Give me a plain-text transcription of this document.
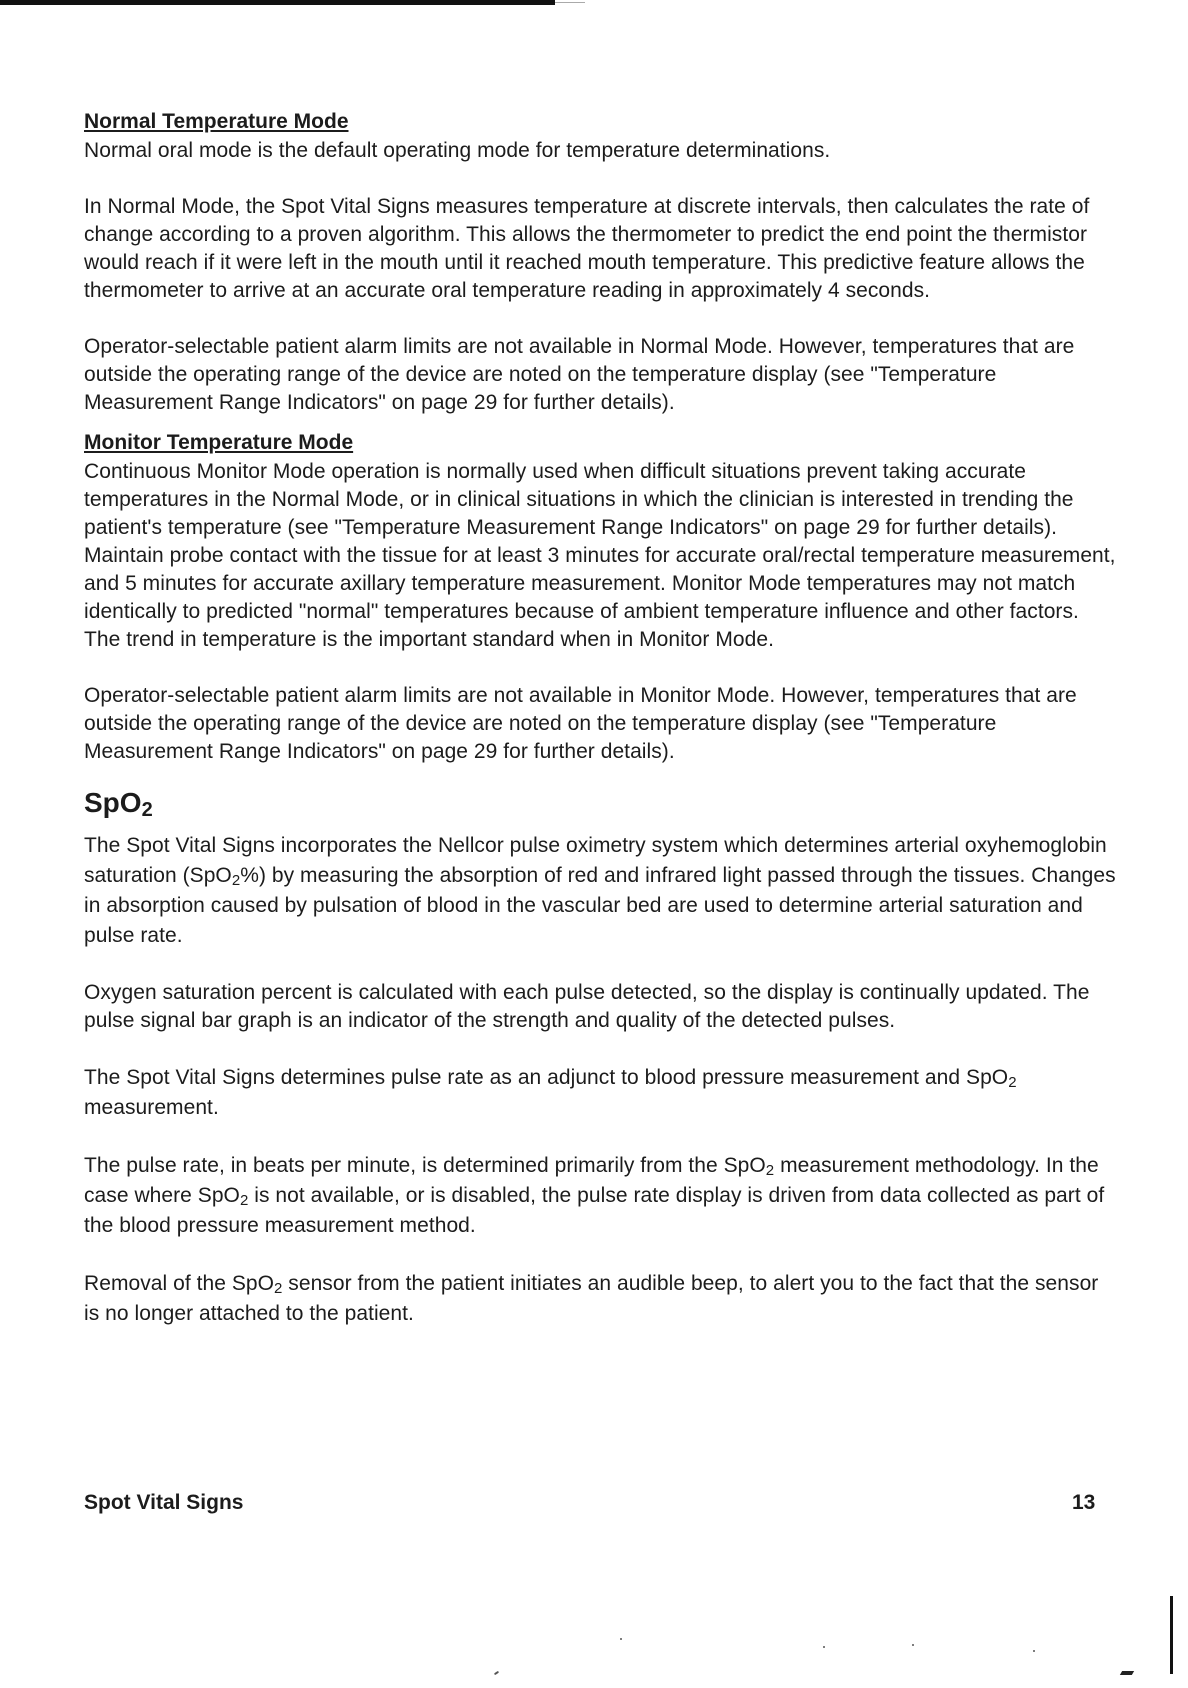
Normal Temperature Mode

Normal oral mode is the default operating mode for temperature determinations.

In Normal Mode, the Spot Vital Signs measures temperature at discrete intervals, then calculates the rate of change according to a proven algorithm. This allows the thermometer to predict the end point the thermistor would reach if it were left in the mouth until it reached mouth temperature. This predictive feature allows the thermometer to arrive at an accurate oral temperature reading in approximately 4 seconds.

Operator-selectable patient alarm limits are not available in Normal Mode. However, temperatures that are outside the operating range of the device are noted on the temperature display (see "Temperature Measurement Range Indicators" on page 29 for further details).

Monitor Temperature Mode

Continuous Monitor Mode operation is normally used when difficult situations prevent taking accurate temperatures in the Normal Mode, or in clinical situations in which the clinician is interested in trending the patient's temperature (see "Temperature Measurement Range Indicators" on page 29 for further details). Maintain probe contact with the tissue for at least 3 minutes for accurate oral/rectal temperature measurement, and 5 minutes for accurate axillary temperature measurement. Monitor Mode temperatures may not match identically to predicted "normal" temperatures because of ambient temperature influence and other factors. The trend in temperature is the important standard when in Monitor Mode.

Operator-selectable patient alarm limits are not available in Monitor Mode. However, temperatures that are outside the operating range of the device are noted on the temperature display (see "Temperature Measurement Range Indicators" on page 29 for further details).

SpO$_2$

The Spot Vital Signs incorporates the Nellcor pulse oximetry system which determines arterial oxyhemoglobin saturation (SpO$_2$%) by measuring the absorption of red and infrared light passed through the tissues. Changes in absorption caused by pulsation of blood in the vascular bed are used to determine arterial saturation and pulse rate.

Oxygen saturation percent is calculated with each pulse detected, so the display is continually updated. The pulse signal bar graph is an indicator of the strength and quality of the detected pulses.

The Spot Vital Signs determines pulse rate as an adjunct to blood pressure measurement and SpO$_2$ measurement.

The pulse rate, in beats per minute, is determined primarily from the SpO$_2$ measurement methodology. In the case where SpO$_2$ is not available, or is disabled, the pulse rate display is driven from data collected as part of the blood pressure measurement method.

Removal of the SpO$_2$ sensor from the patient initiates an audible beep, to alert you to the fact that the sensor is no longer attached to the patient.

Spot Vital Signs	13
